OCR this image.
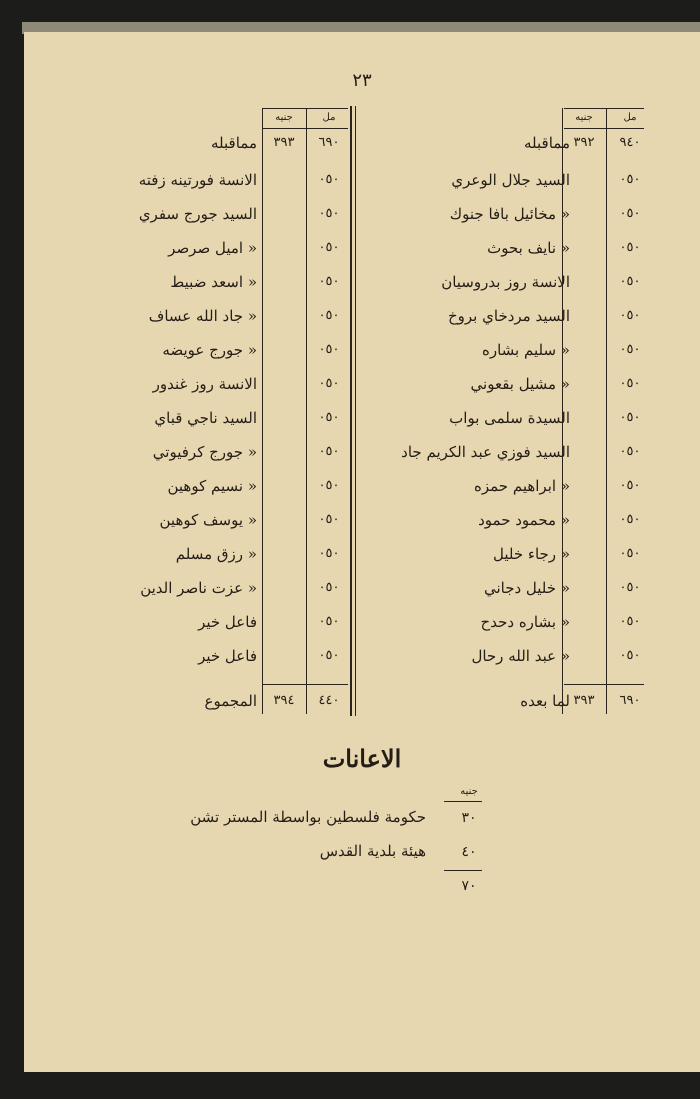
٢٣
مل
جنيه
٩٤٠
٣٩٢
مماقبله
٠٥٠
السيد جلال الوعري
٠٥٠
« مخائيل بافا جنوك
٠٥٠
« نايف بحوث
٠٥٠
الانسة روز بدروسيان
٠٥٠
السيد مردخاي بروخ
٠٥٠
« سليم بشاره
٠٥٠
« مشيل بقعوني
٠٥٠
السيدة سلمى بواب
٠٥٠
السيد فوزي عبد الكريم جاد
٠٥٠
« ابراهيم حمزه
٠٥٠
« محمود حمود
٠٥٠
« رجاء خليل
٠٥٠
« خليل دجاني
٠٥٠
« بشاره دحدح
٠٥٠
« عبد الله رحال
٦٩٠
٣٩٣
لما بعده
مل
جنيه
٦٩٠
٣٩٣
مماقبله
٠٥٠
الانسة فورتينه زفته
٠٥٠
السيد جورج سفري
٠٥٠
« اميل صرصر
٠٥٠
« اسعد ضبيط
٠٥٠
« جاد الله عساف
٠٥٠
« جورج عويضه
٠٥٠
الانسة روز غندور
٠٥٠
السيد ناجي قباي
٠٥٠
« جورج كرفيوتي
٠٥٠
« نسيم كوهين
٠٥٠
« يوسف كوهين
٠٥٠
« رزق مسلم
٠٥٠
« عزت ناصر الدين
٠٥٠
فاعل خير
٠٥٠
فاعل خير
٤٤٠
٣٩٤
المجموع
الاعانات
جنيه
٣٠
حكومة فلسطين بواسطة المستر تشن
٤٠
هيئة بلدية القدس
٧٠
